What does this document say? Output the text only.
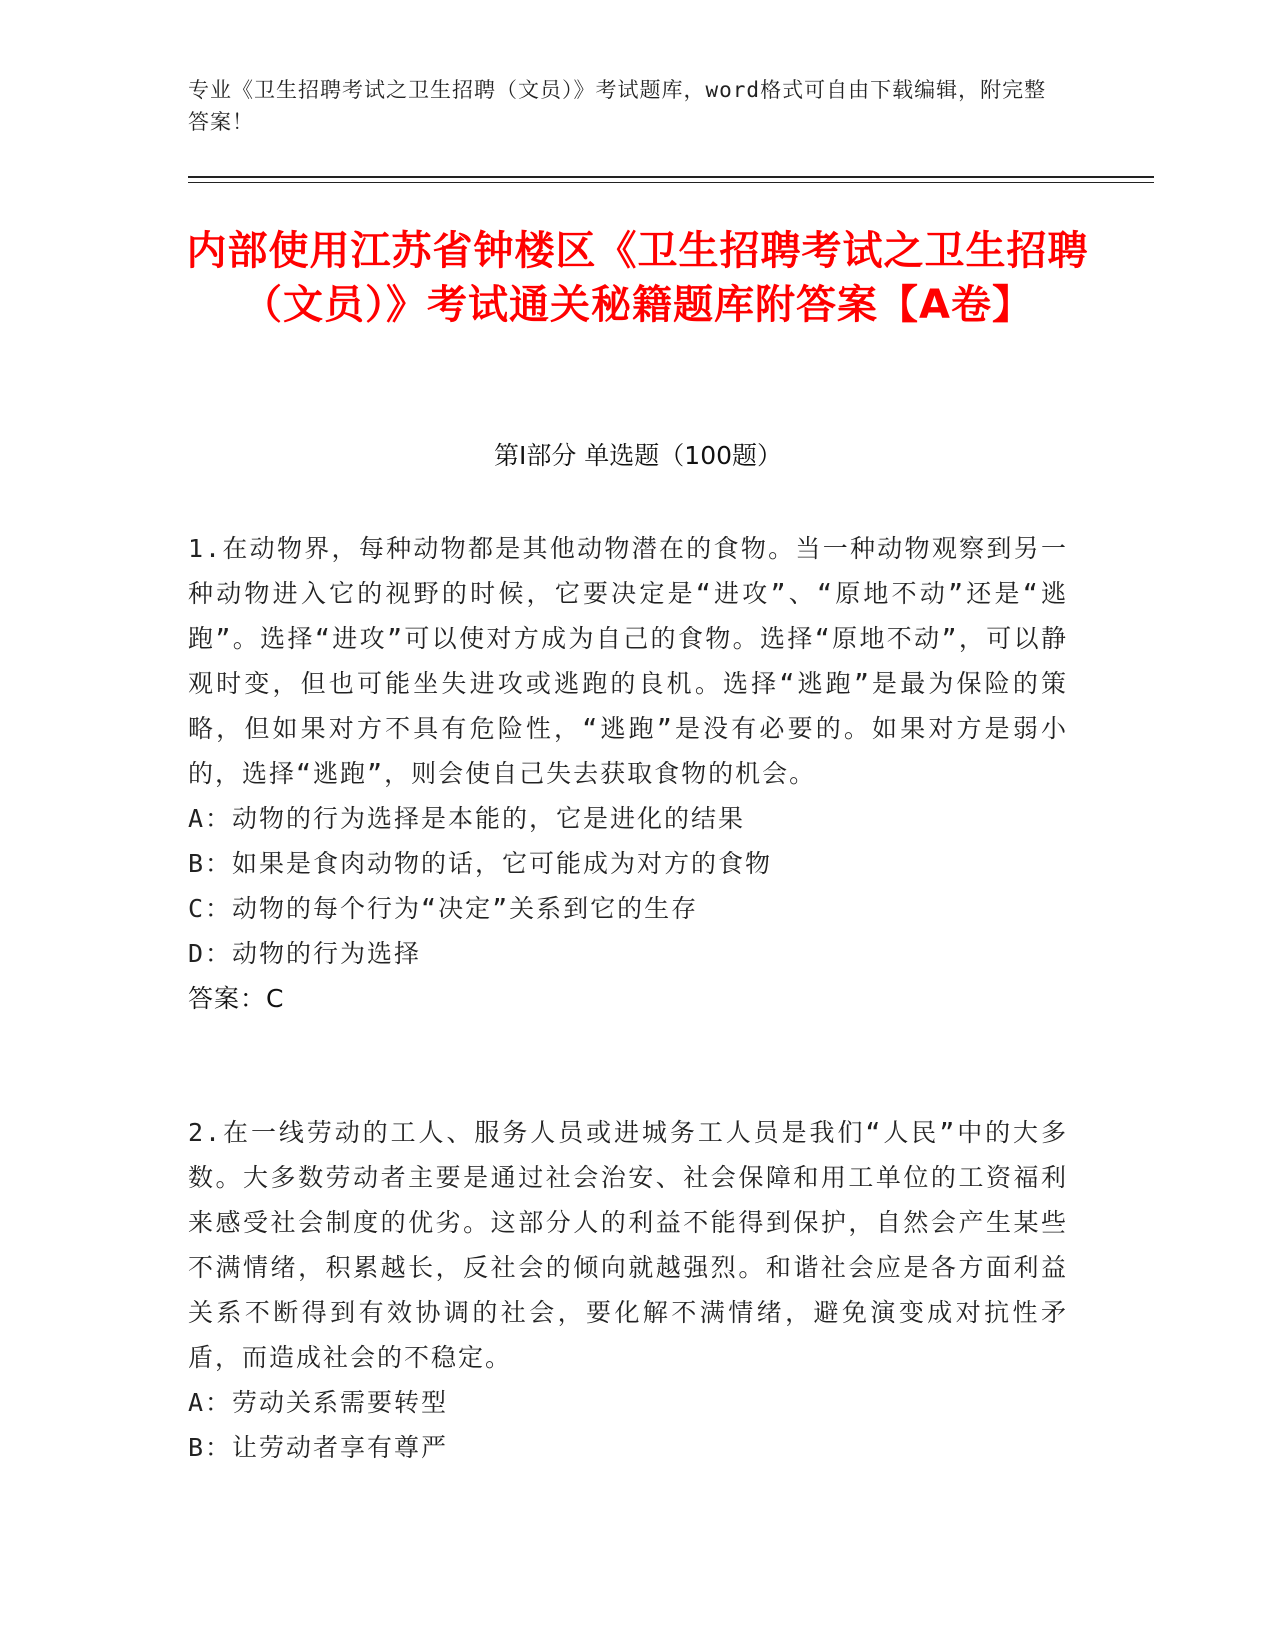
专业《卫生招聘考试之卫生招聘（文员）》考试题库，word格式可自由下载编辑，附完整答案！
内部使用江苏省钟楼区《卫生招聘考试之卫生招聘（文员）》考试通关秘籍题库附答案【A卷】
第Ⅰ部分 单选题（100题）

1.在动物界，每种动物都是其他动物潜在的食物。当一种动物观察到另一种动物进入它的视野的时候，它要决定是“进攻”、“原地不动”还是“逃跑”。选择“进攻”可以使对方成为自己的食物。选择“原地不动”，可以静观时变，但也可能坐失进攻或逃跑的良机。选择“逃跑”是最为保险的策略，但如果对方不具有危险性，“逃跑”是没有必要的。如果对方是弱小的，选择“逃跑”，则会使自己失去获取食物的机会。

A：动物的行为选择是本能的，它是进化的结果

B：如果是食肉动物的话，它可能成为对方的食物

C：动物的每个行为“决定”关系到它的生存

D：动物的行为选择

答案：C

2.在一线劳动的工人、服务人员或进城务工人员是我们“人民”中的大多数。大多数劳动者主要是通过社会治安、社会保障和用工单位的工资福利来感受社会制度的优劣。这部分人的利益不能得到保护，自然会产生某些不满情绪，积累越长，反社会的倾向就越强烈。和谐社会应是各方面利益关系不断得到有效协调的社会，要化解不满情绪，避免演变成对抗性矛盾，而造成社会的不稳定。

A：劳动关系需要转型

B：让劳动者享有尊严
